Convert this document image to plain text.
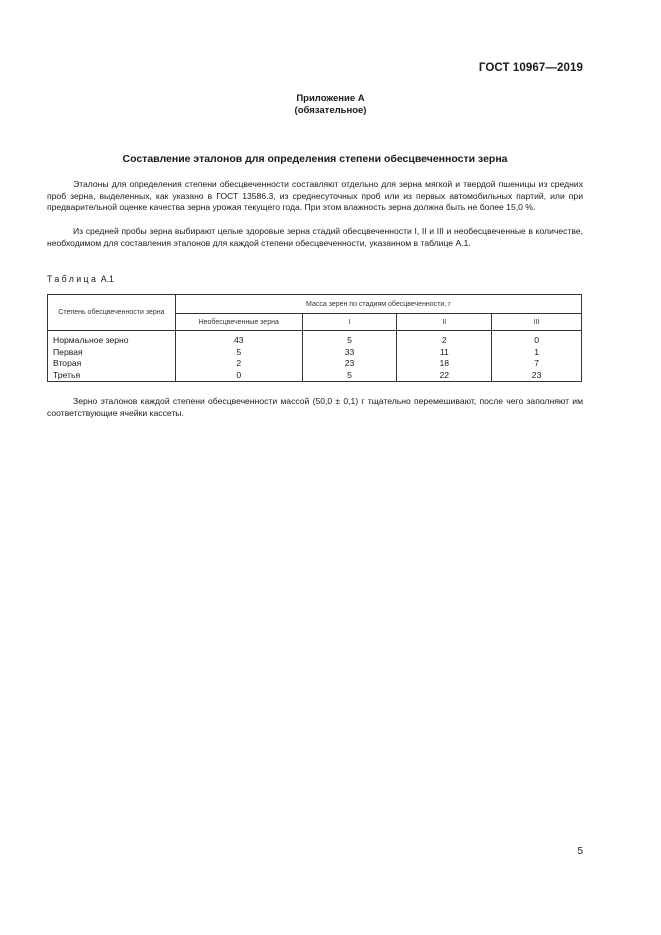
ГОСТ 10967—2019
Приложение А
(обязательное)
Составление эталонов для определения степени обесцвеченности зерна

Эталоны для определения степени обесцвеченности составляют отдельно для зерна мягкой и твердой пшеницы из средних проб зерна, выделенных, как указано в ГОСТ 13586.3, из среднесуточных проб или из первых автомобильных партий, или при предварительной оценке качества зерна урожая текущего года. При этом влажность зерна должна быть не более 15,0 %.

Из средней пробы зерна выбирают целые здоровые зерна стадий обесцвеченности I, II и III и необесцвеченные в количестве, необходимом для составления эталонов для каждой степени обесцвеченности, указанном в таблице А.1.

Таблица А.1
Степень обесцвеченности зерна	Масса зерен по стадиям обесцвеченности, г			
	Необесцвеченные зерна	I	II	III
Нормальное зерно	43	5	2	0
Первая	5	33	11	1
Вторая	2	23	18	7
Третья	0	5	22	23

Зерно эталонов каждой степени обесцвеченности массой (50,0 ± 0,1) г тщательно перемешивают, после чего заполняют им соответствующие ячейки кассеты.

5
